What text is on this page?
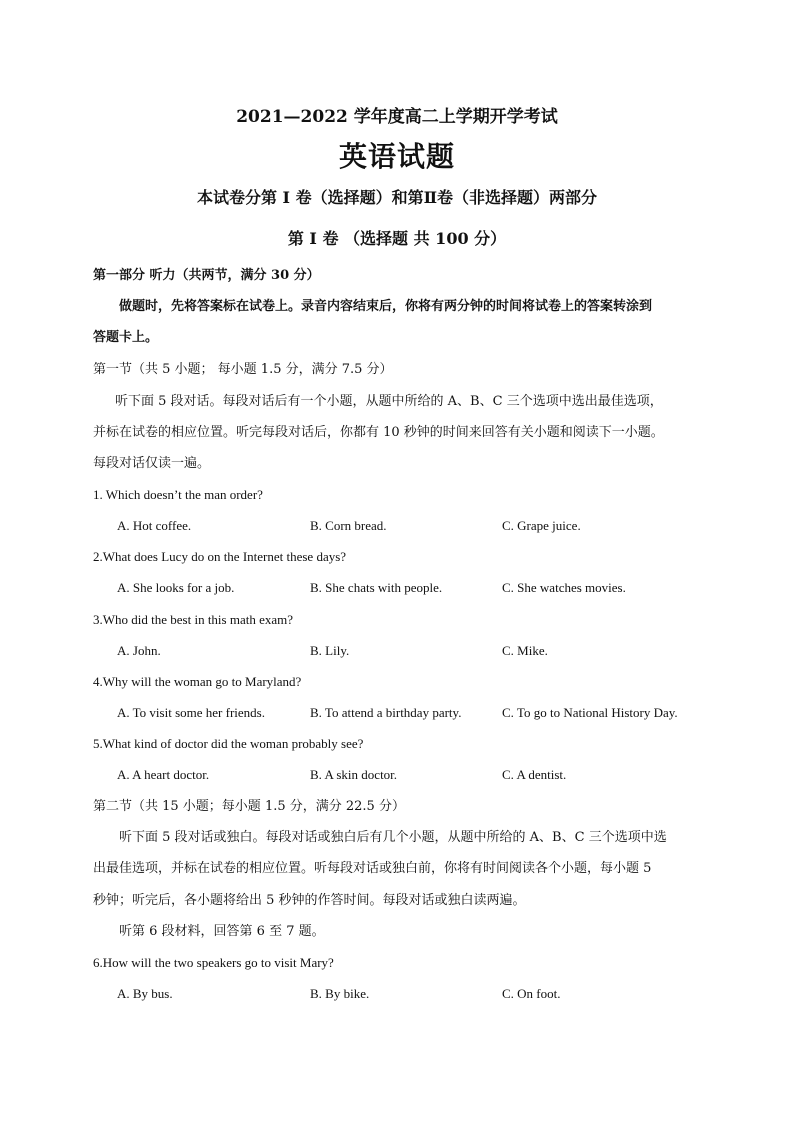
2021—2022 学年度高二上学期开学考试
英语试题
本试卷分第 I 卷（选择题）和第Ⅱ卷（非选择题）两部分
第 I 卷 （选择题 共 100 分）
第一部分 听力（共两节，满分 30 分）
做题时，先将答案标在试卷上。录音内容结束后，你将有两分钟的时间将试卷上的答案转涂到
答题卡上。
第一节（共 5 小题； 每小题 1.5 分，满分 7.5 分）
听下面 5 段对话。每段对话后有一个小题，从题中所给的 A、B、C 三个选项中选出最佳选项，
并标在试卷的相应位置。听完每段对话后，你都有 10 秒钟的时间来回答有关小题和阅读下一小题。
每段对话仅读一遍。
1. Which doesn’t the man order?
A. Hot coffee.	B. Corn bread.	C. Grape juice.
2.What does Lucy do on the Internet these days?
A. She looks for a job.	B. She chats with people.	C. She watches movies.
3.Who did the best in this math exam?
A. John.	B. Lily.	C. Mike.
4.Why will the woman go to Maryland?
A. To visit some her friends.	B. To attend a birthday party.	C. To go to National History Day.
5.What kind of doctor did the woman probably see?
A. A heart doctor.	B. A skin doctor.	C. A dentist.
第二节（共 15 小题；每小题 1.5 分，满分 22.5 分）
听下面 5 段对话或独白。每段对话或独白后有几个小题，从题中所给的 A、B、C 三个选项中选
出最佳选项，并标在试卷的相应位置。听每段对话或独白前，你将有时间阅读各个小题，每小题 5
秒钟；听完后，各小题将给出 5 秒钟的作答时间。每段对话或独白读两遍。
听第 6 段材料，回答第 6 至 7 题。
6.How will the two speakers go to visit Mary?
A. By bus.	B. By bike.	C. On foot.
